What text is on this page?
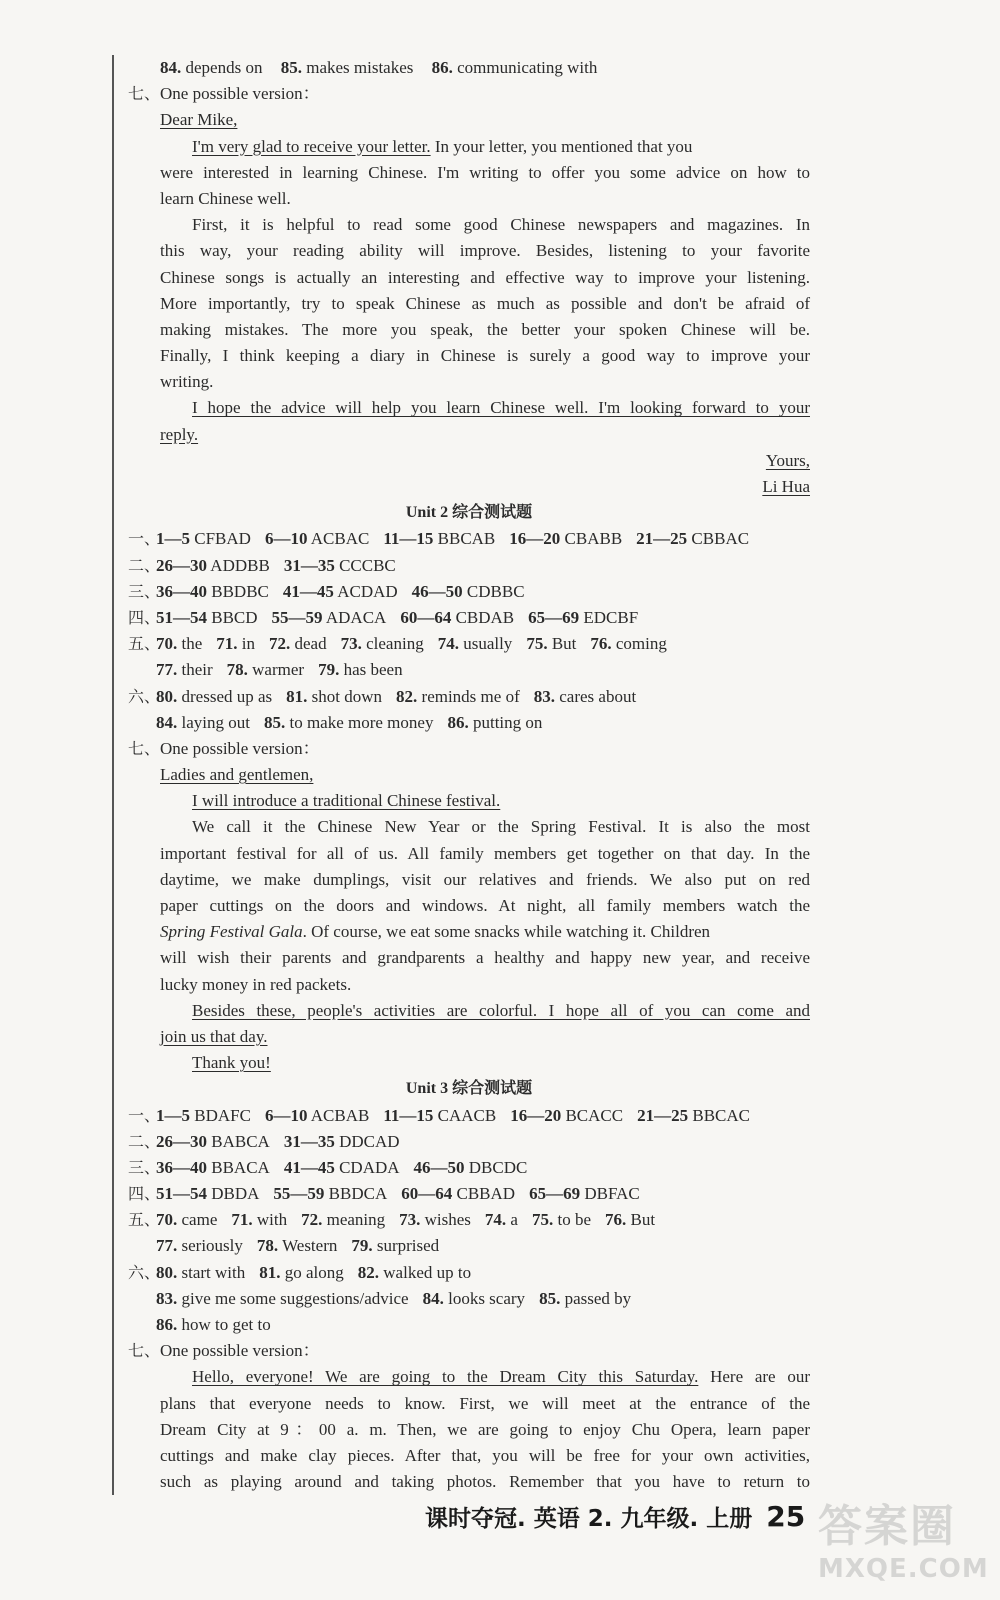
84. depends on 85. makes mistakes 86. communicating with
七、One possible version：
Dear Mike,
I'm very glad to receive your letter. In your letter, you mentioned that you
were interested in learning Chinese. I'm writing to offer you some advice on how to
learn Chinese well.
First, it is helpful to read some good Chinese newspapers and magazines. In
this way, your reading ability will improve. Besides, listening to your favorite
Chinese songs is actually an interesting and effective way to improve your listening.
More importantly, try to speak Chinese as much as possible and don't be afraid of
making mistakes. The more you speak, the better your spoken Chinese will be.
Finally, I think keeping a diary in Chinese is surely a good way to improve your
writing.
I hope the advice will help you learn Chinese well. I'm looking forward to your
reply.
Yours,
Li Hua
Unit 2 综合测试题
一、1—5 CFBAD 6—10 ACBAC 11—15 BBCAB 16—20 CBABB 21—25 CBBAC
二、26—30 ADDBB 31—35 CCCBC
三、36—40 BBDBC 41—45 ACDAD 46—50 CDBBC
四、51—54 BBCD 55—59 ADACA 60—64 CBDAB 65—69 EDCBF
五、70. the 71. in 72. dead 73. cleaning 74. usually 75. But 76. coming
77. their 78. warmer 79. has been
六、80. dressed up as 81. shot down 82. reminds me of 83. cares about
84. laying out 85. to make more money 86. putting on
七、One possible version：
Ladies and gentlemen,
I will introduce a traditional Chinese festival.
We call it the Chinese New Year or the Spring Festival. It is also the most
important festival for all of us. All family members get together on that day. In the
daytime, we make dumplings, visit our relatives and friends. We also put on red
paper cuttings on the doors and windows. At night, all family members watch the
Spring Festival Gala. Of course, we eat some snacks while watching it. Children
will wish their parents and grandparents a healthy and happy new year, and receive
lucky money in red packets.
Besides these, people's activities are colorful. I hope all of you can come and
join us that day.
Thank you!
Unit 3 综合测试题
一、1—5 BDAFC 6—10 ACBAB 11—15 CAACB 16—20 BCACC 21—25 BBCAC
二、26—30 BABCA 31—35 DDCAD
三、36—40 BBACA 41—45 CDADA 46—50 DBCDC
四、51—54 DBDA 55—59 BBDCA 60—64 CBBAD 65—69 DBFAC
五、70. came 71. with 72. meaning 73. wishes 74. a 75. to be 76. But
77. seriously 78. Western 79. surprised
六、80. start with 81. go along 82. walked up to
83. give me some suggestions/advice 84. looks scary 85. passed by
86. how to get to
七、One possible version：
Hello, everyone! We are going to the Dream City this Saturday. Here are our
plans that everyone needs to know. First, we will meet at the entrance of the
Dream City at 9：00 a. m. Then, we are going to enjoy Chu Opera, learn paper
cuttings and make clay pieces. After that, you will be free for your own activities,
such as playing around and taking photos. Remember that you have to return to
课时夺冠. 英语 2. 九年级. 上册 25 答案圈
MXQE.COM
